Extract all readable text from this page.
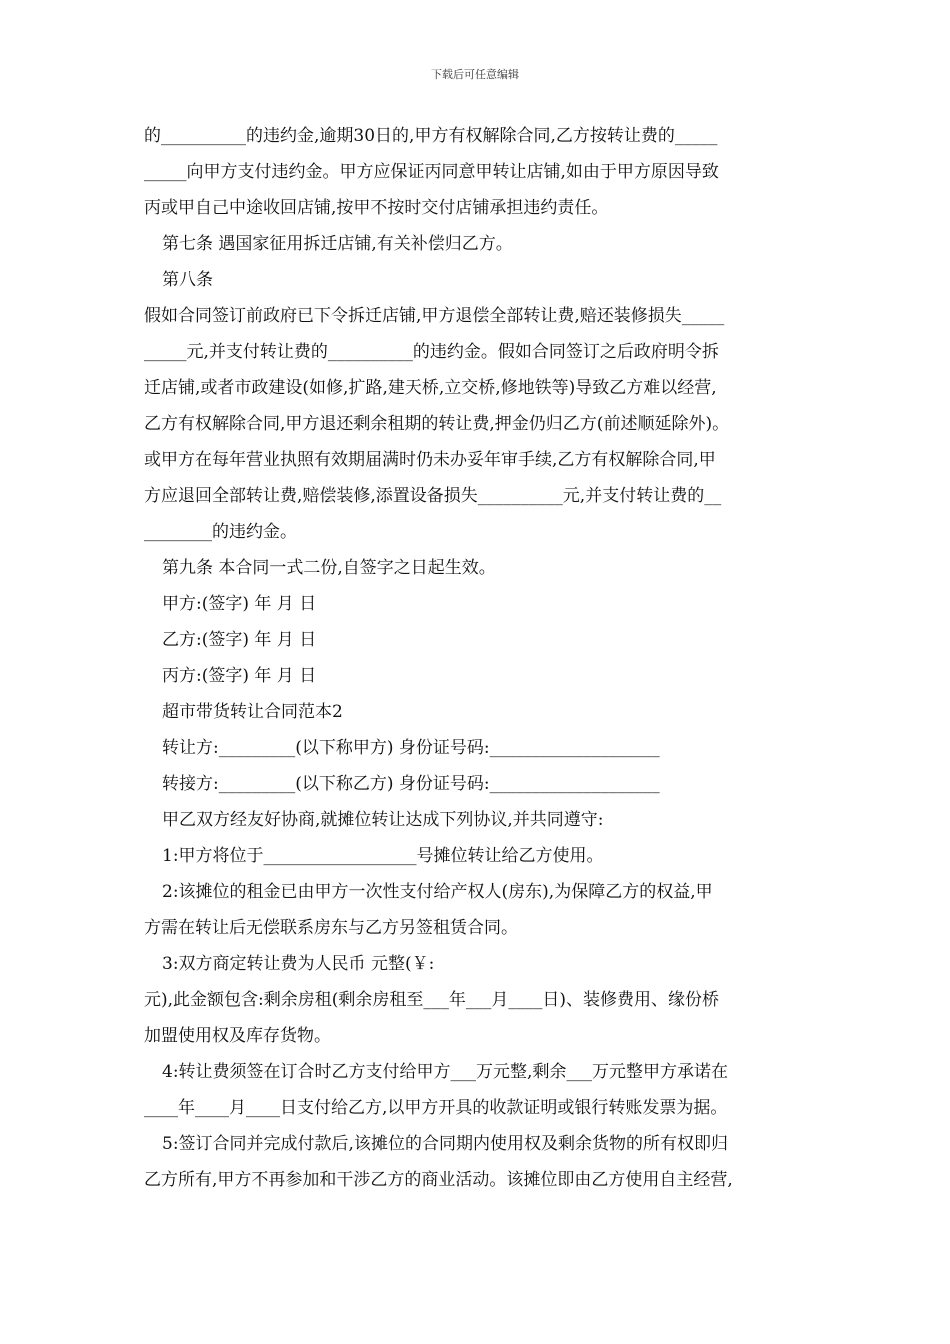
下载后可任意编辑
的__________的违约金,逾期30日的,甲方有权解除合同,乙方按转让费的_____
_____向甲方支付违约金。甲方应保证丙同意甲转让店铺,如由于甲方原因导致
丙或甲自己中途收回店铺,按甲不按时交付店铺承担违约责任。
第七条 遇国家征用拆迁店铺,有关补偿归乙方。
第八条
假如合同签订前政府已下令拆迁店铺,甲方退偿全部转让费,赔还装修损失_____
_____元,并支付转让费的__________的违约金。假如合同签订之后政府明令拆
迁店铺,或者市政建设(如修,扩路,建天桥,立交桥,修地铁等)导致乙方难以经营,
乙方有权解除合同,甲方退还剩余租期的转让费,押金仍归乙方(前述顺延除外)。
或甲方在每年营业执照有效期届满时仍未办妥年审手续,乙方有权解除合同,甲
方应退回全部转让费,赔偿装修,添置设备损失__________元,并支付转让费的__
________的违约金。
第九条 本合同一式二份,自签字之日起生效。
甲方:(签字) 年 月 日
乙方:(签字) 年 月 日
丙方:(签字) 年 月 日
超市带货转让合同范本2
转让方:_________(以下称甲方) 身份证号码:____________________
转接方:_________(以下称乙方) 身份证号码:____________________
甲乙双方经友好协商,就摊位转让达成下列协议,并共同遵守:
1:甲方将位于__________________号摊位转让给乙方使用。
2:该摊位的租金已由甲方一次性支付给产权人(房东),为保障乙方的权益,甲
方需在转让后无偿联系房东与乙方另签租赁合同。
3:双方商定转让费为人民币 元整(￥:
元),此金额包含:剩余房租(剩余房租至___年___月____日)、装修费用、缘份桥
加盟使用权及库存货物。
4:转让费须签在订合时乙方支付给甲方___万元整,剩余___万元整甲方承诺在
____年____月____日支付给乙方,以甲方开具的收款证明或银行转账发票为据。
5:签订合同并完成付款后,该摊位的合同期内使用权及剩余货物的所有权即归
乙方所有,甲方不再参加和干涉乙方的商业活动。该摊位即由乙方使用自主经营,
